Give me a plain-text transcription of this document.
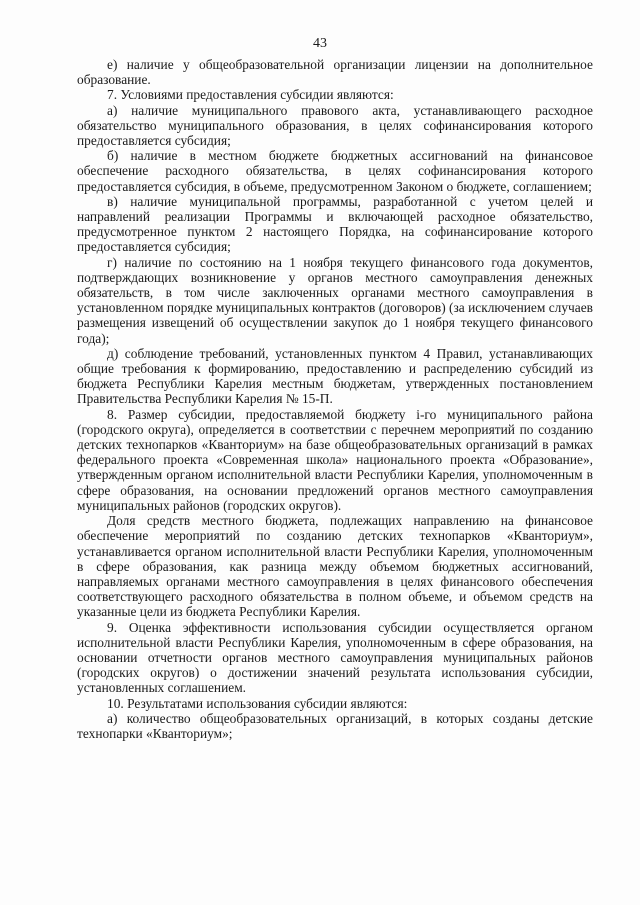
43

е) наличие у общеобразовательной организации лицензии на дополнительное образование.

7. Условиями предоставления субсидии являются:

а) наличие муниципального правового акта, устанавливающего расходное обязательство муниципального образования, в целях софинансирования которого предоставляется субсидия;

б) наличие в местном бюджете бюджетных ассигнований на финансовое обеспечение расходного обязательства, в целях софинансирования которого предоставляется субсидия, в объеме, предусмотренном Законом о бюджете, соглашением;

в) наличие муниципальной программы, разработанной с учетом целей и направлений реализации Программы и включающей расходное обязательство, предусмотренное пунктом 2 настоящего Порядка, на софинансирование которого предоставляется субсидия;

г) наличие по состоянию на 1 ноября текущего финансового года документов, подтверждающих возникновение у органов местного самоуправления денежных обязательств, в том числе заключенных органами местного самоуправления в установленном порядке муниципальных контрактов (договоров) (за исключением случаев размещения извещений об осуществлении закупок до 1 ноября текущего финансового года);

д) соблюдение требований, установленных пунктом 4 Правил, устанавливающих общие требования к формированию, предоставлению и распределению субсидий из бюджета Республики Карелия местным бюджетам, утвержденных постановлением Правительства Республики Карелия № 15-П.

8. Размер субсидии, предоставляемой бюджету i-го муниципального района (городского округа), определяется в соответствии с перечнем мероприятий по созданию детских технопарков «Кванториум» на базе общеобразовательных организаций в рамках федерального проекта «Современная школа» национального проекта «Образование», утвержденным органом исполнительной власти Республики Карелия, уполномоченным в сфере образования, на основании предложений органов местного самоуправления муниципальных районов (городских округов).

Доля средств местного бюджета, подлежащих направлению на финансовое обеспечение мероприятий по созданию детских технопарков «Кванториум», устанавливается органом исполнительной власти Республики Карелия, уполномоченным в сфере образования, как разница между объемом бюджетных ассигнований, направляемых органами местного самоуправления в целях финансового обеспечения соответствующего расходного обязательства в полном объеме, и объемом средств на указанные цели из бюджета Республики Карелия.

9. Оценка эффективности использования субсидии осуществляется органом исполнительной власти Республики Карелия, уполномоченным в сфере образования, на основании отчетности органов местного самоуправления муниципальных районов (городских округов) о достижении значений результата использования субсидии, установленных соглашением.

10. Результатами использования субсидии являются:

а) количество общеобразовательных организаций, в которых созданы детские технопарки «Кванториум»;
